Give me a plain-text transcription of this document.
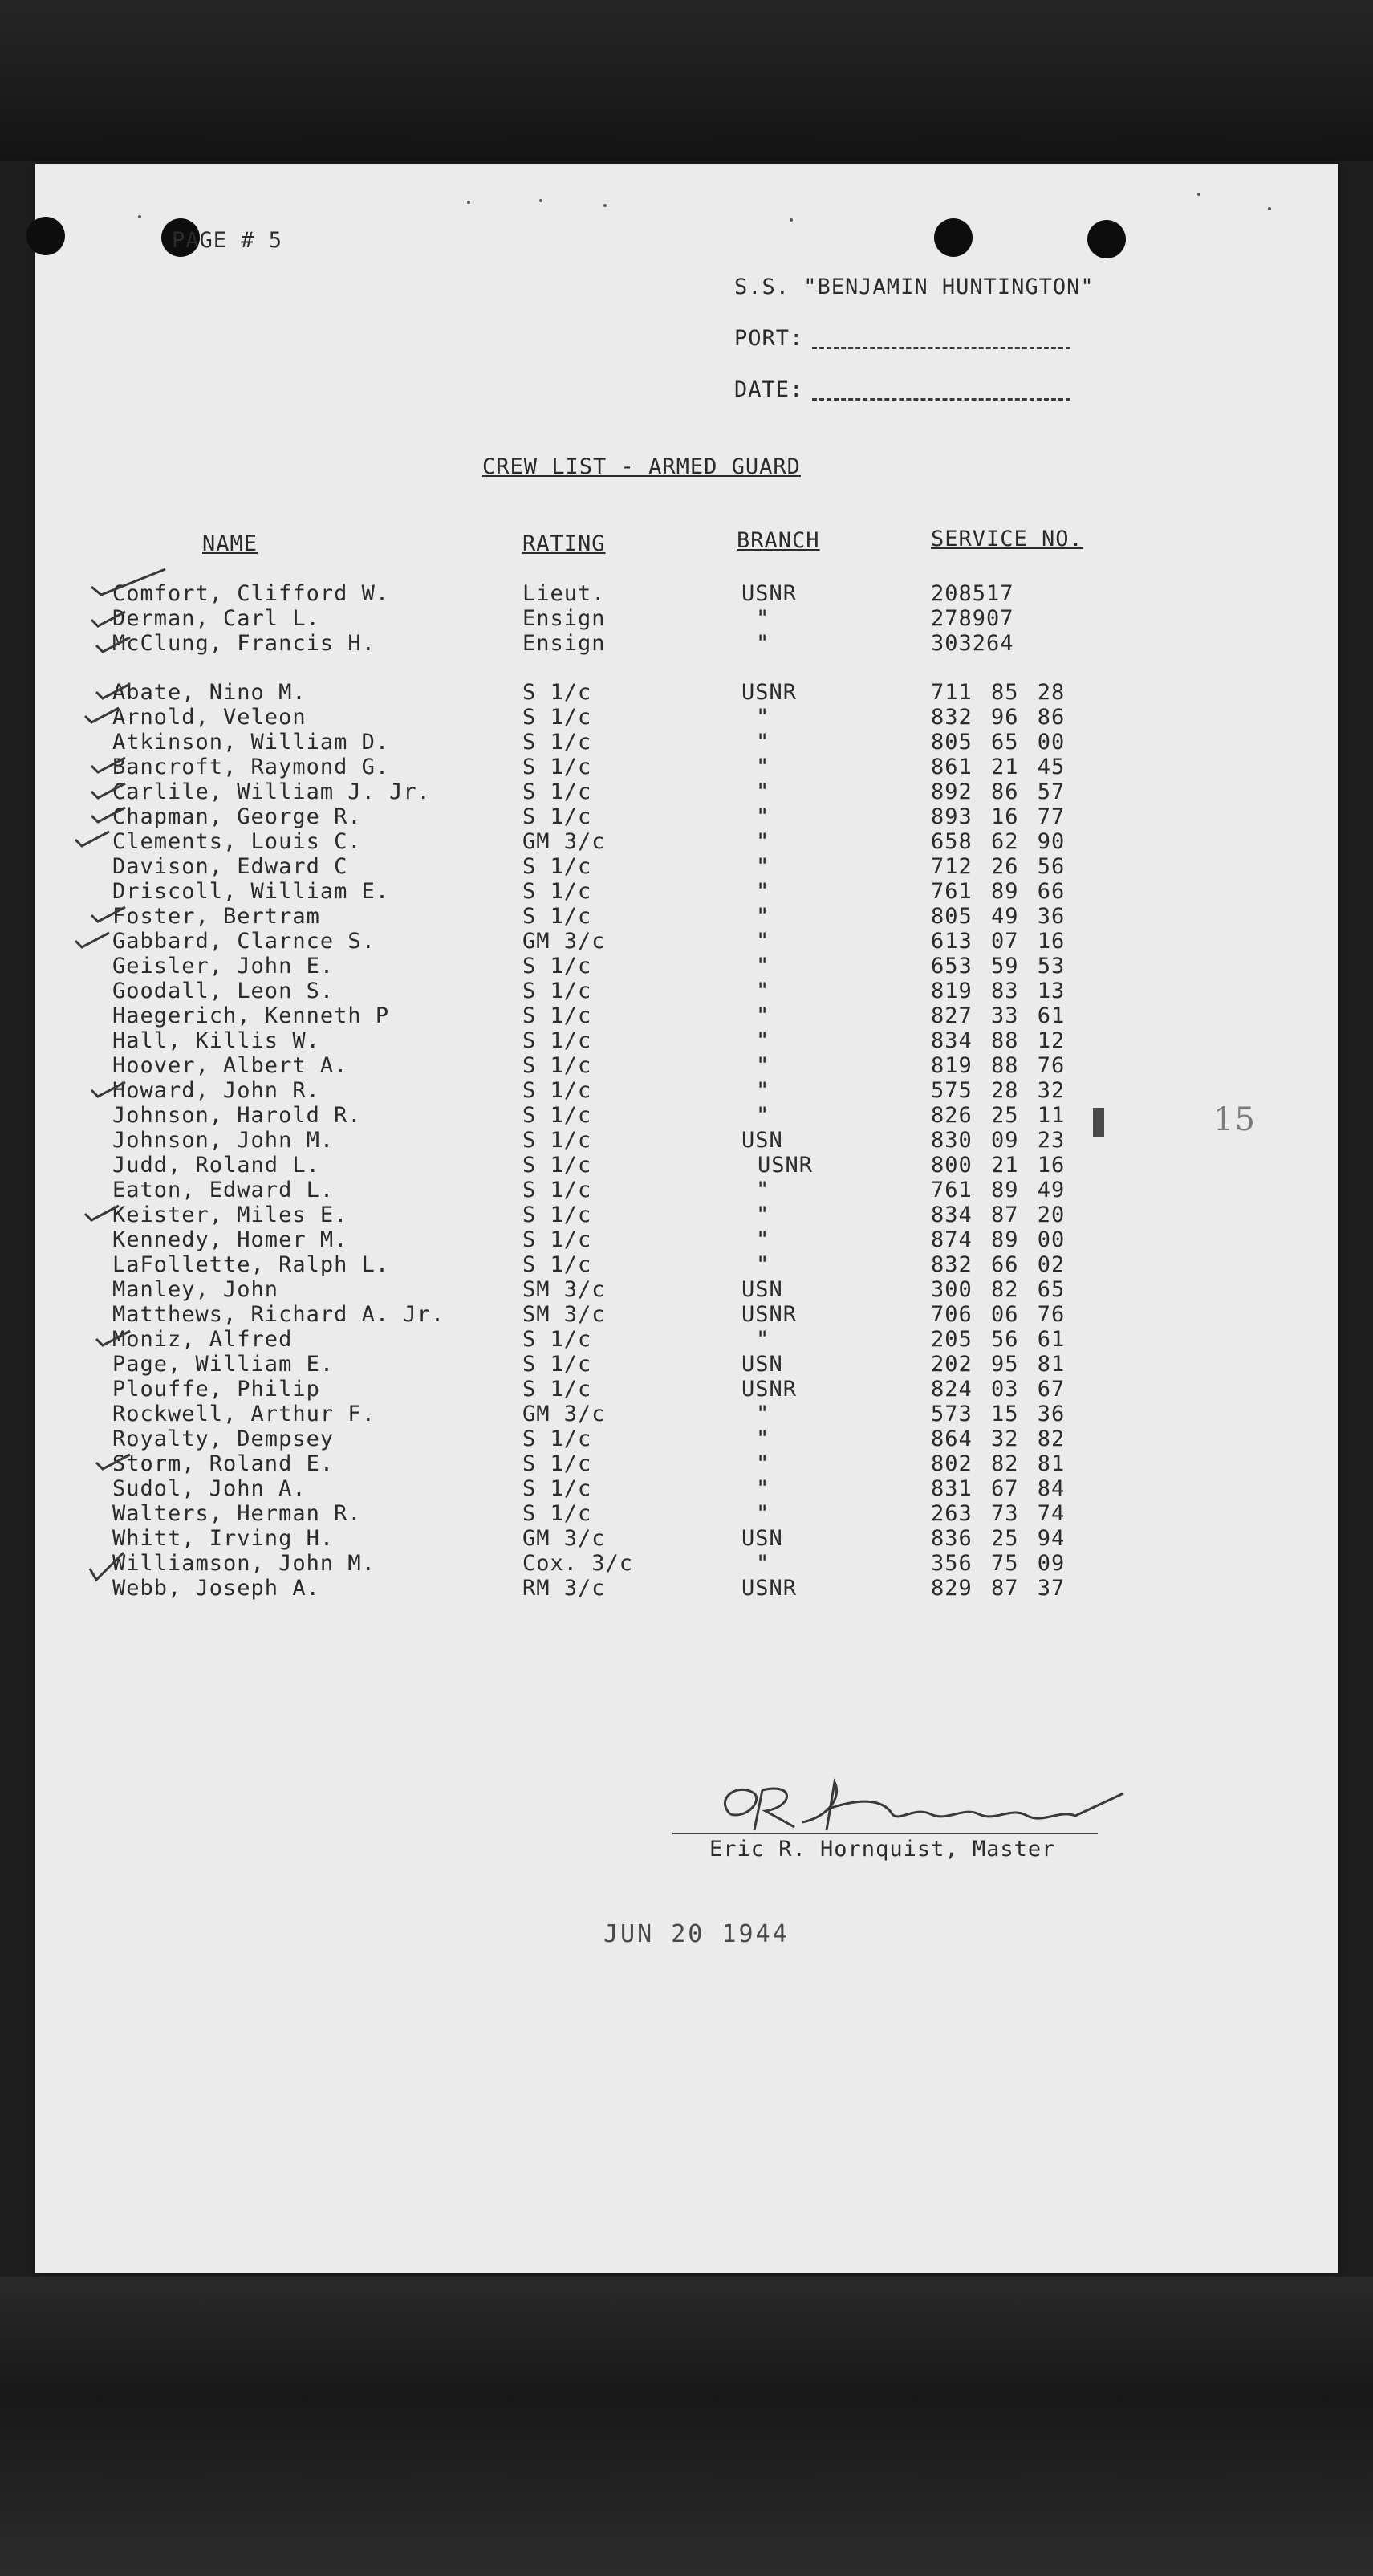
PAGE # 5
S.S. "BENJAMIN HUNTINGTON"
PORT:
DATE:
CREW LIST - ARMED GUARD
NAME	RATING	BRANCH	SERVICE NO.
Comfort, Clifford W.	Lieut.	USNR	208517
Derman, Carl L.	Ensign	"	278907
McClung, Francis H.	Ensign	"	303264
Abate, Nino M.	S 1/c	USNR	711 85 28
Arnold, Veleon	S 1/c	"	832 96 86
Atkinson, William D.	S 1/c	"	805 65 00
Bancroft, Raymond G.	S 1/c	"	861 21 45
Carlile, William J. Jr.	S 1/c	"	892 86 57
Chapman, George R.	S 1/c	"	893 16 77
Clements, Louis C.	GM 3/c	"	658 62 90
Davison, Edward C	S 1/c	"	712 26 56
Driscoll, William E.	S 1/c	"	761 89 66
Foster, Bertram	S 1/c	"	805 49 36
Gabbard, Clarnce S.	GM 3/c	"	613 07 16
Geisler, John E.	S 1/c	"	653 59 53
Goodall, Leon S.	S 1/c	"	819 83 13
Haegerich, Kenneth P	S 1/c	"	827 33 61
Hall, Killis W.	S 1/c	"	834 88 12
Hoover, Albert A.	S 1/c	"	819 88 76
Howard, John R.	S 1/c	"	575 28 32
Johnson, Harold R.	S 1/c	"	826 25 11
Johnson, John M.	S 1/c	USN	830 09 23
Judd, Roland L.	S 1/c	USNR	800 21 16
Eaton, Edward L.	S 1/c	"	761 89 49
Keister, Miles E.	S 1/c	"	834 87 20
Kennedy, Homer M.	S 1/c	"	874 89 00
LaFollette, Ralph L.	S 1/c	"	832 66 02
Manley, John	SM 3/c	USN	300 82 65
Matthews, Richard A. Jr.	SM 3/c	USNR	706 06 76
Moniz, Alfred	S 1/c	"	205 56 61
Page, William E.	S 1/c	USN	202 95 81
Plouffe, Philip	S 1/c	USNR	824 03 67
Rockwell, Arthur F.	GM 3/c	"	573 15 36
Royalty, Dempsey	S 1/c	"	864 32 82
Storm, Roland E.	S 1/c	"	802 82 81
Sudol, John A.	S 1/c	"	831 67 84
Walters, Herman R.	S 1/c	"	263 73 74
Whitt, Irving H.	GM 3/c	USN	836 25 94
Williamson, John M.	Cox. 3/c	"	356 75 09
Webb, Joseph A.	RM 3/c	USNR	829 87 37
15
Eric R. Hornquist, Master
JUN 20 1944
